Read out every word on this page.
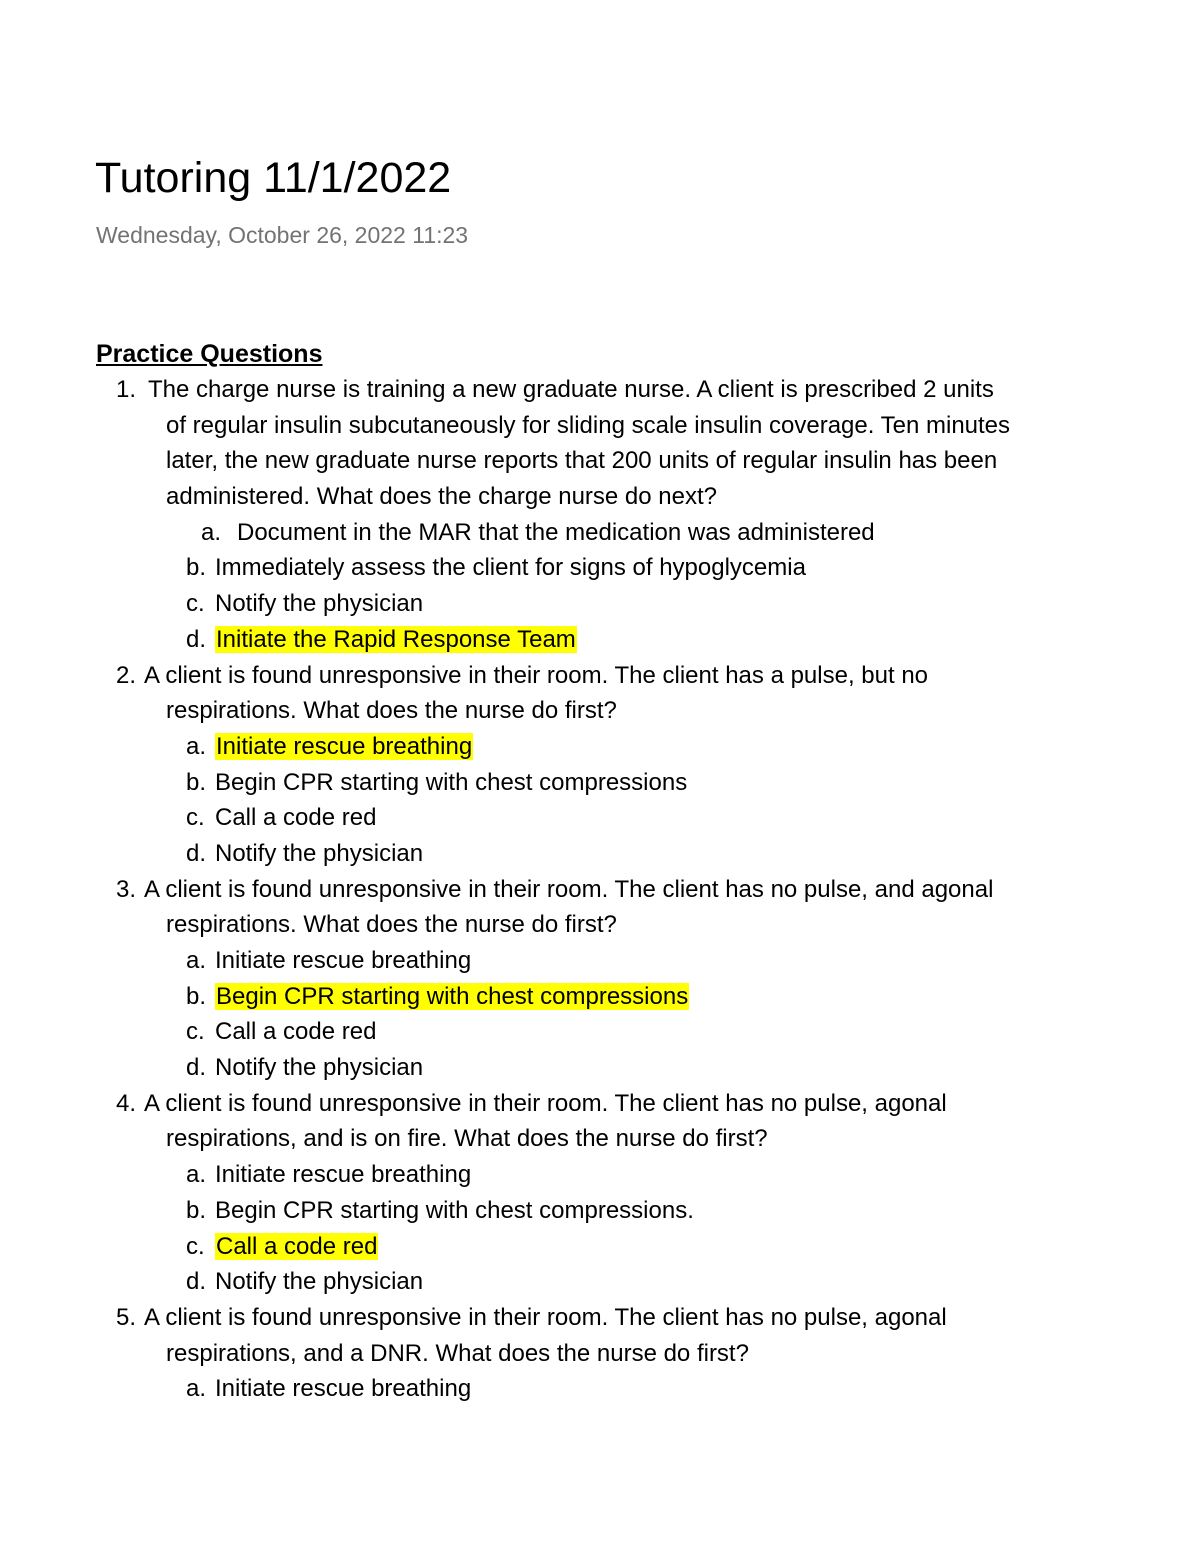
Tutoring 11/1/2022
Wednesday, October 26, 2022 11:23
Practice Questions
1. The charge nurse is training a new graduate nurse. A client is prescribed 2 units
of regular insulin subcutaneously for sliding scale insulin coverage. Ten minutes
later, the new graduate nurse reports that 200 units of regular insulin has been
administered. What does the charge nurse do next?
a. Document in the MAR that the medication was administered
b. Immediately assess the client for signs of hypoglycemia
c. Notify the physician
d. Initiate the Rapid Response Team
2. A client is found unresponsive in their room. The client has a pulse, but no
respirations. What does the nurse do first?
a. Initiate rescue breathing
b. Begin CPR starting with chest compressions
c. Call a code red
d. Notify the physician
3. A client is found unresponsive in their room. The client has no pulse, and agonal
respirations. What does the nurse do first?
a. Initiate rescue breathing
b. Begin CPR starting with chest compressions
c. Call a code red
d. Notify the physician
4. A client is found unresponsive in their room. The client has no pulse, agonal
respirations, and is on fire. What does the nurse do first?
a. Initiate rescue breathing
b. Begin CPR starting with chest compressions.
c. Call a code red
d. Notify the physician
5. A client is found unresponsive in their room. The client has no pulse, agonal
respirations, and a DNR. What does the nurse do first?
a. Initiate rescue breathing
